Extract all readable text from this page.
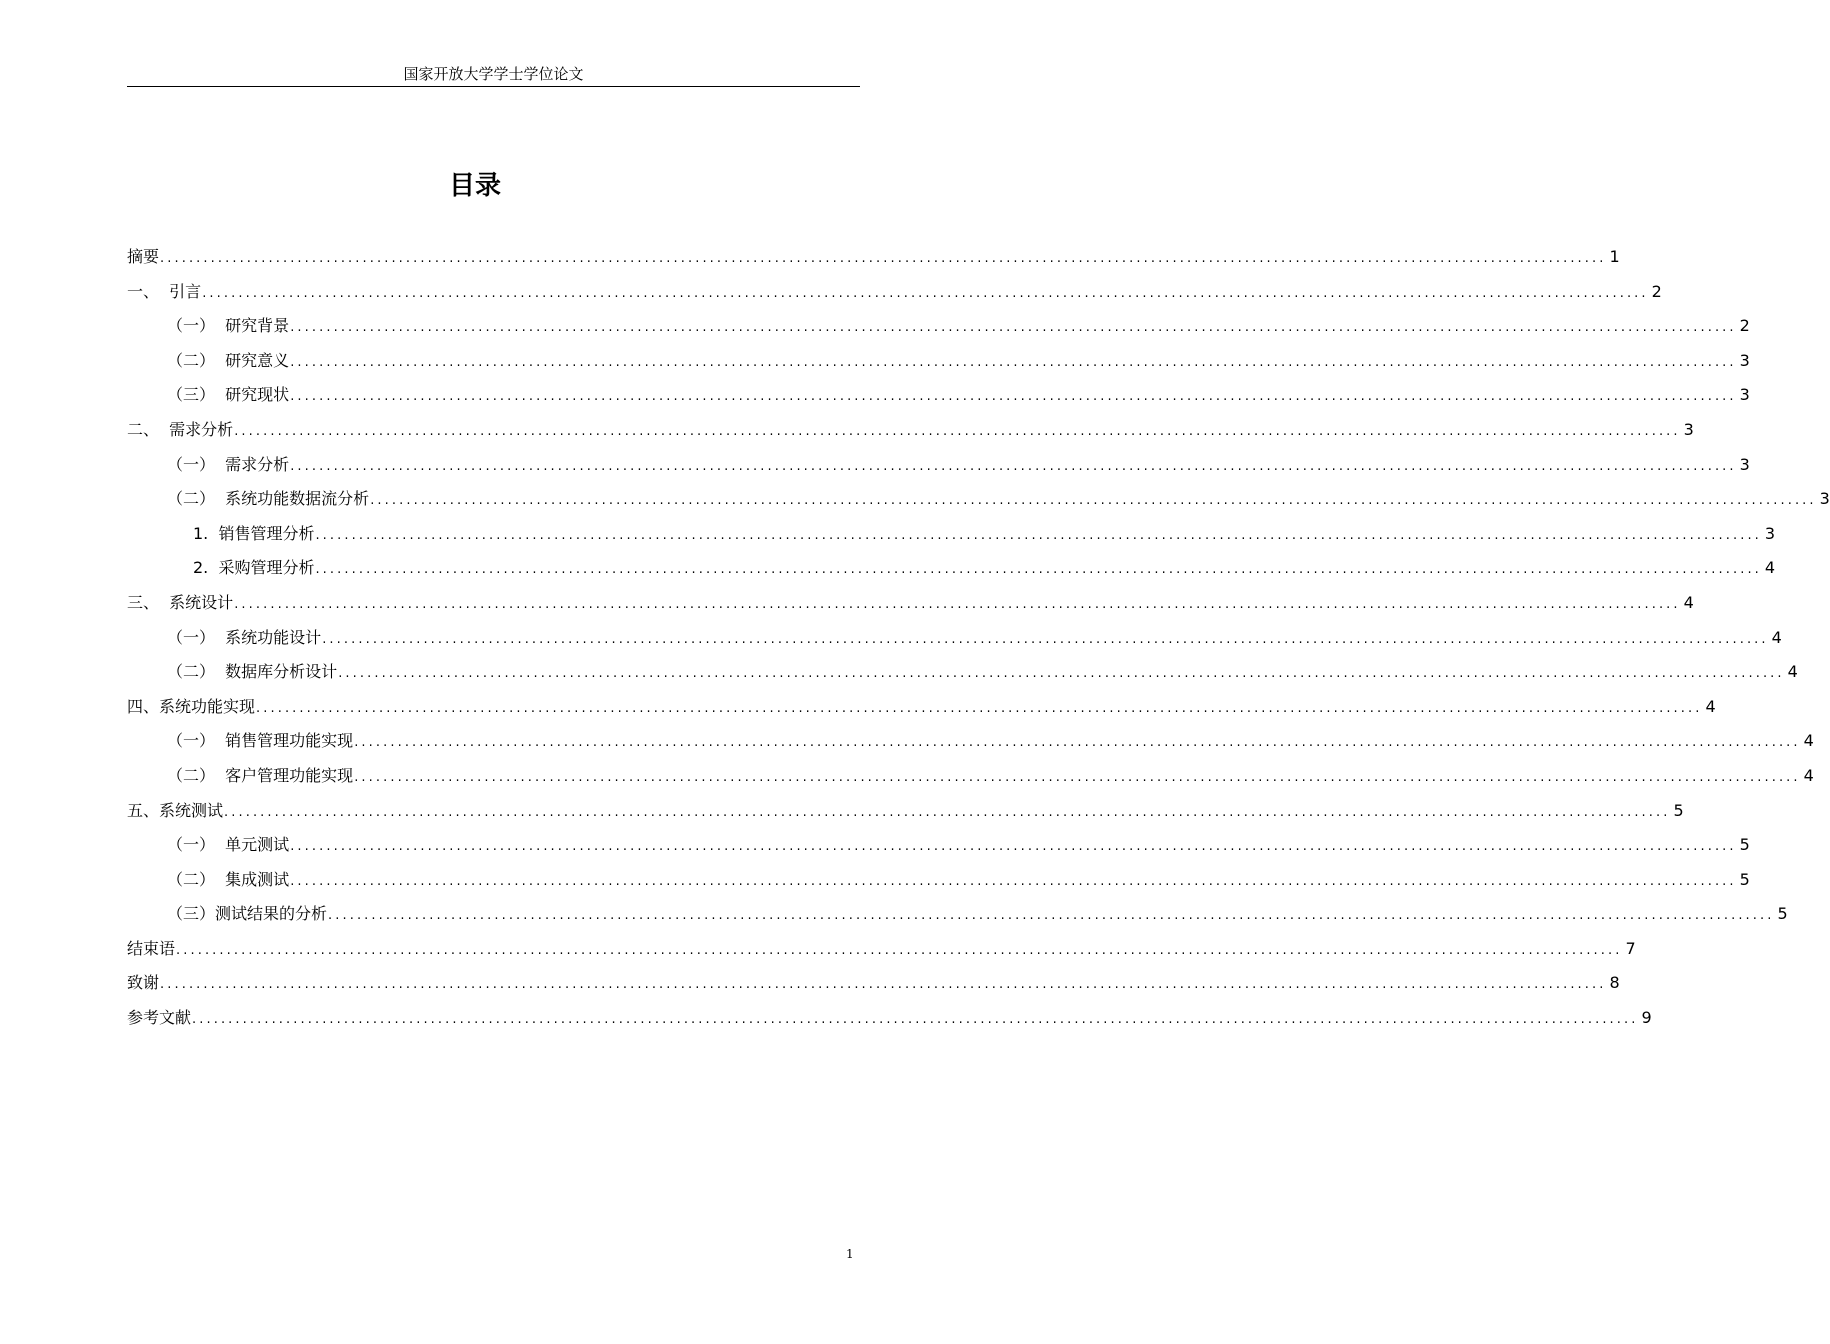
国家开放大学学士学位论文
目录
摘要 ........................................................................................................................................................................................................ 1
一、  引言 ........................................................................................................................................................................................................ 2
（一）  研究背景 ........................................................................................................................................................................................................ 2
（二）  研究意义 ........................................................................................................................................................................................................ 3
（三）  研究现状 ........................................................................................................................................................................................................ 3
二、  需求分析 ........................................................................................................................................................................................................ 3
（一）  需求分析 ........................................................................................................................................................................................................ 3
（二）  系统功能数据流分析 ........................................................................................................................................................................................................ 3
1.  销售管理分析 ........................................................................................................................................................................................................ 3
2.  采购管理分析 ........................................................................................................................................................................................................ 4
三、  系统设计 ........................................................................................................................................................................................................ 4
（一）  系统功能设计 ........................................................................................................................................................................................................ 4
（二）  数据库分析设计 ........................................................................................................................................................................................................ 4
四、系统功能实现 ........................................................................................................................................................................................................ 4
（一）  销售管理功能实现 ........................................................................................................................................................................................................ 4
（二）  客户管理功能实现 ........................................................................................................................................................................................................ 4
五、系统测试 ........................................................................................................................................................................................................ 5
（一）  单元测试 ........................................................................................................................................................................................................ 5
（二）  集成测试 ........................................................................................................................................................................................................ 5
（三）测试结果的分析 ........................................................................................................................................................................................................ 5
结束语 ........................................................................................................................................................................................................ 7
致谢 ........................................................................................................................................................................................................ 8
参考文献 ........................................................................................................................................................................................................ 9
1
